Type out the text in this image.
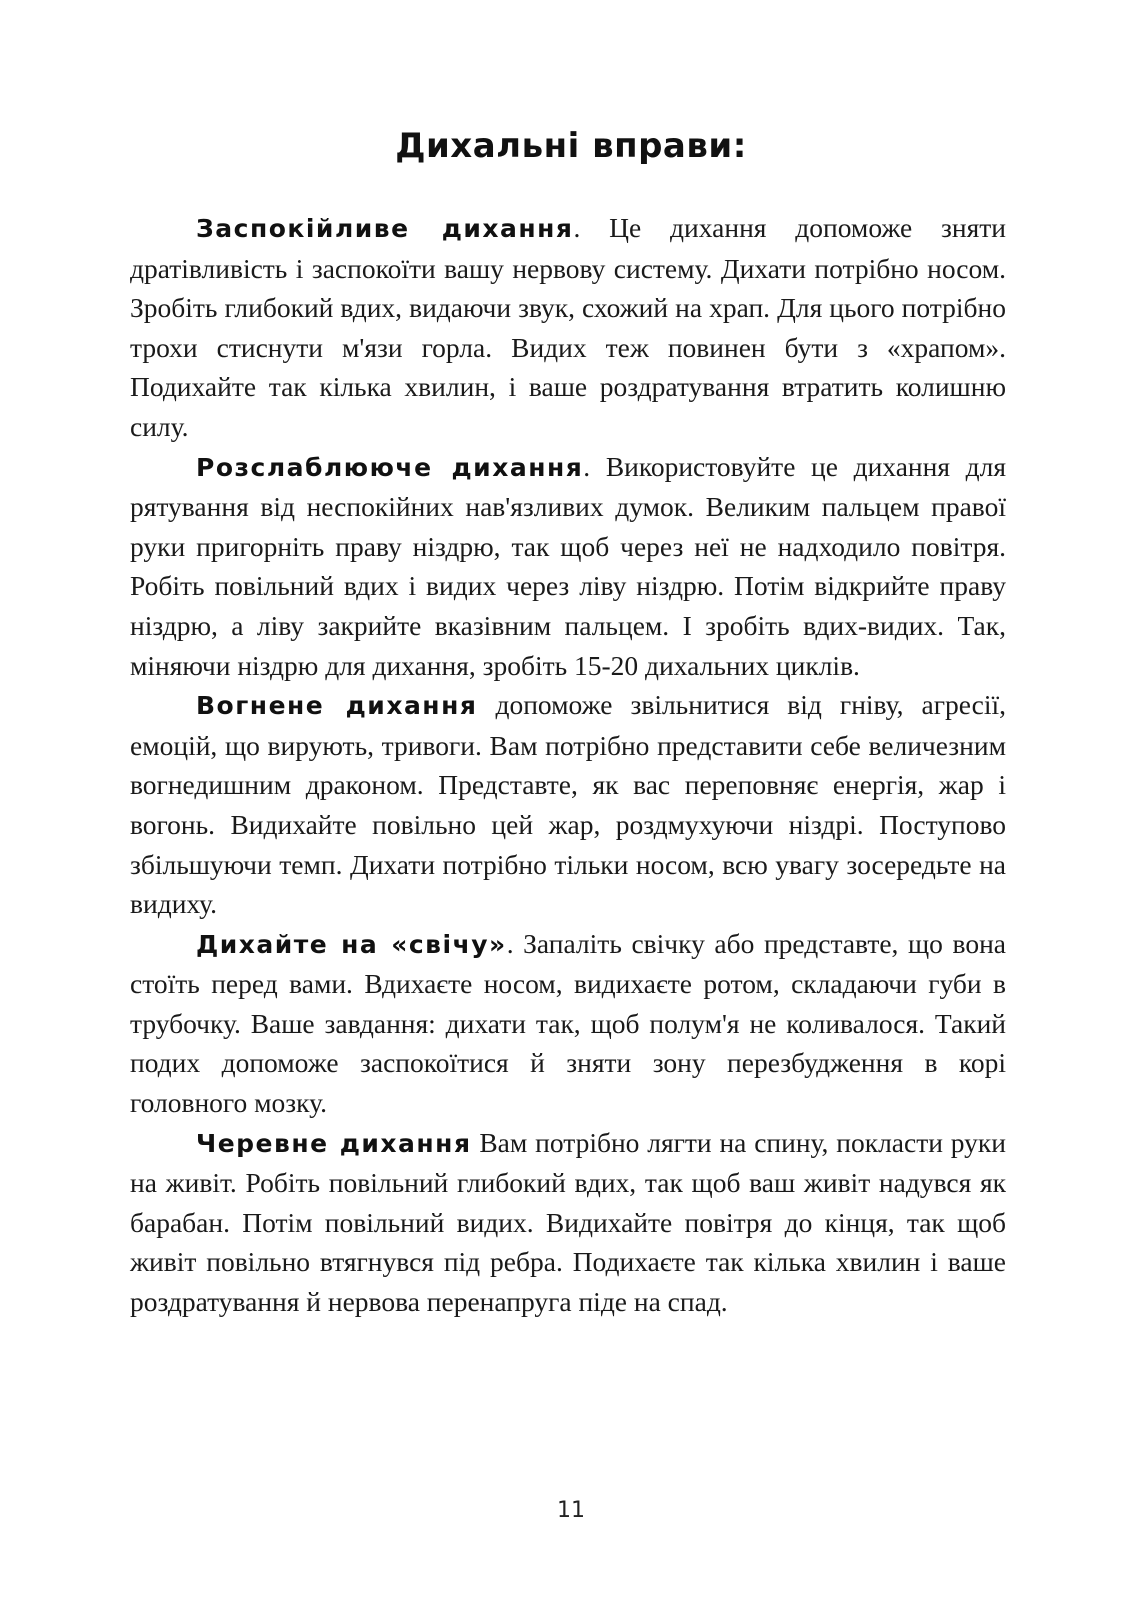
Дихальні вправи:

Заспокійливе дихання. Це дихання допоможе зняти дратівливість і заспокоїти вашу нервову систему. Дихати потрібно носом. Зробіть глибокий вдих, видаючи звук, схожий на храп. Для цього потрібно трохи стиснути м'язи горла. Видих теж повинен бути з «храпом». Подихайте так кілька хвилин, і ваше роздратування втратить колишню силу.

Розслаблююче дихання. Використовуйте це дихання для рятування від неспокійних нав'язливих думок. Великим пальцем правої руки пригорніть праву ніздрю, так щоб через неї не надходило повітря. Робіть повільний вдих і видих через ліву ніздрю. Потім відкрийте праву ніздрю, а ліву закрийте вказівним пальцем. І зробіть вдих-видих. Так, міняючи ніздрю для дихання, зробіть 15-20 дихальних циклів.

Вогнене дихання допоможе звільнитися від гніву, агресії, емоцій, що вирують, тривоги. Вам потрібно представити себе величезним вогнедишним драконом. Представте, як вас переповняє енергія, жар і вогонь. Видихайте повільно цей жар, роздмухуючи ніздрі. Поступово збільшуючи темп. Дихати потрібно тільки носом, всю увагу зосередьте на видиху.

Дихайте на «свічу». Запаліть свічку або представте, що вона стоїть перед вами. Вдихаєте носом, видихаєте ротом, складаючи губи в трубочку. Ваше завдання: дихати так, щоб полум'я не коливалося. Такий подих допоможе заспокоїтися й зняти зону перезбудження в корі головного мозку.

Черевне дихання Вам потрібно лягти на спину, покласти руки на живіт. Робіть повільний глибокий вдих, так щоб ваш живіт надувся як барабан. Потім повільний видих. Видихайте повітря до кінця, так щоб живіт повільно втягнувся під ребра. Подихаєте так кілька хвилин і ваше роздратування й нервова перенапруга піде на спад.

11
